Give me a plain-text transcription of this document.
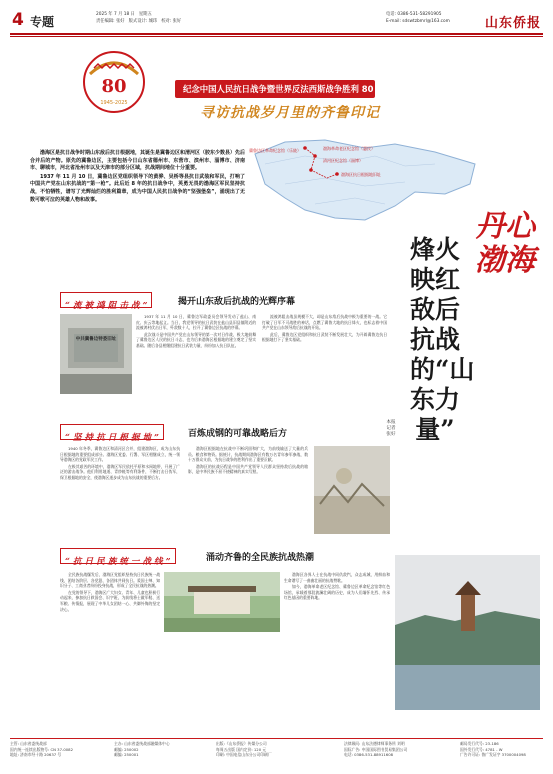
4 专题
2025 年 7 月 18 日 星期五
责任编辑: 张好 版式设计: 城玮 校对: 张好
电话: 0386-531-58291905
E-mail: sdswtzbmrl@163.com	山东侨报
80
1945-2025
纪念中国人民抗日战争暨世界反法西斯战争胜利 80 周年
寻访抗战岁月里的齐鲁印记

渤海区是抗日战争时期山东敌后抗日根据地，其诞生是冀鲁边区和清河区（胶东少数县）先后合并后的产物。原先的冀鲁边区，主要包括今日山东省德州市、东营市、滨州市、淄博市、济南市、聊城市，河北省沧州市以及天津市的部分区域，抗战期间地位十分重要。

1937 年 11 月 10 日，冀鲁边区党组织领导下的黄骅、吴桥等县抗日武装和军民，打响了中国共产党在山东抗战的“第一枪”。此后近 8 年的抗日战争中，英勇无畏的渤海区军民坚持抗战，不怕牺牲，谱写了光辉灿烂的胜利篇章，成为中国人民抗日战争的“坚强堡垒”，涌现出了无数可歌可泣的英雄人物和故事。

冀鲁边区革命纪念馆（乐陵）	渤海革命老区纪念馆（惠民）
清河区纪念馆（淄博）
渤海区抗日根据地旧址
丹心渤海
烽火映红敌后抗战的“山东力量”
本报记者 张好
“ 流 被 鸿 阻 击 战 ”	揭开山东敌后抗战的光辉序幕
中共冀鲁边特委旧址

1937 年 11 月 10 日，冀鲁边军政委员会领导发动了盐山、南皮、庆云等地起义。当日，我党领导的抗日武装在盐山县旧县镇附近的流被鸿村伏击日军，歼敌数十人，拉开了冀鲁边区抗战的序幕。

此次战斗是中国共产党在山东领导的第一次对日作战，极大地鼓舞了冀鲁边区人民的抗日斗志，也为后来渤海区根据地的建立奠定了坚实基础。随后各县相继组建抗日武装力量，纷纷加入抗日队伍。

流被鸿阻击战虽规模不大，却是山东敌后抗战中极为重要的一战。它打破了日军不可战胜的神话，点燃了冀鲁大地的抗日烽火，也标志着中国共产党在山东领导敌后抗战的开始。

此后，冀鲁边区党组织和抗日武装不断发展壮大，为开辟冀鲁边抗日根据地打下了坚实基础。

“ 坚 持 抗 日 根 据 地 ”	百炼成钢的可靠战略后方

1940 年冬季，冀鲁边区和清河区合并，组建渤海区，成为山东抗日根据地的重要组成部分。渤海区党委、行署、军区相继成立，统一领导渤海区的党政军民工作。

在极其艰苦的环境中，渤海区军民依托平原和水网地带，开展了广泛的游击战争。他们利用地道、青纱帐等有利条件，不断打击日伪军，保卫根据地的安全，使渤海区逐步成为山东抗战的重要后方。

渤海区根据地在抗战中不断巩固和扩大，为前线输送了大量的兵员、粮食和物资。据统计，抗战期间渤海区有数万名青年参军参战，数十万群众支前，为抗日战争的胜利作出了重要贡献。

渤海区的抗战历程是中国共产党领导人民群众坚持敌后抗战的缩影，是中华民族不屈不挠精神的真实写照。

“ 抗 日 民 族 统 一 战 线 ”	涌动齐鲁的全民族抗战热潮

全民族抗战爆发后，渤海区党组织坚持抗日民族统一战线，团结各阶层、各党派、各团体共同抗日。爱国士绅、知识分子、工商业者纷纷投身抗战，形成了全民抗战的热潮。

在党的领导下，渤海区广大妇女、青年、儿童也积极行动起来，参加抗日救国会、识字班，为前线将士做军鞋、送军粮、传情报，展现了中华儿女团结一心、共御外侮的坚定决心。

渤海区各界人士在抗战中同仇敌忾，众志成城，用鲜血和生命谱写了一曲曲壮丽的抗战赞歌。

如今，渤海革命老区纪念馆、冀鲁边区革命纪念馆等红色场馆，承载着那段波澜壮阔的历史，成为人们缅怀先烈、传承红色基因的重要阵地。

主管: 山东省委统战部
国内统一连续出版物号: CN 37-0082
地址: 济南市经十路 20637 号
主办: 山东省委统战部融媒体中心
邮编: 250002
邮编: 250001
出版:《山东侨报》传媒分公司
每周五出版 国内定价: 120 元
印刷: 中国电信山东分公司印刷厂
法律顾问: 山东法德律师事务所 刘明
国际广告: 中国国际图书贸易集团公司
电话: 0386-531-88911608
邮局发行代号: 23-186
国外发行代号: 4781 - W
广告许可证: 鲁广发证字 3700004098
